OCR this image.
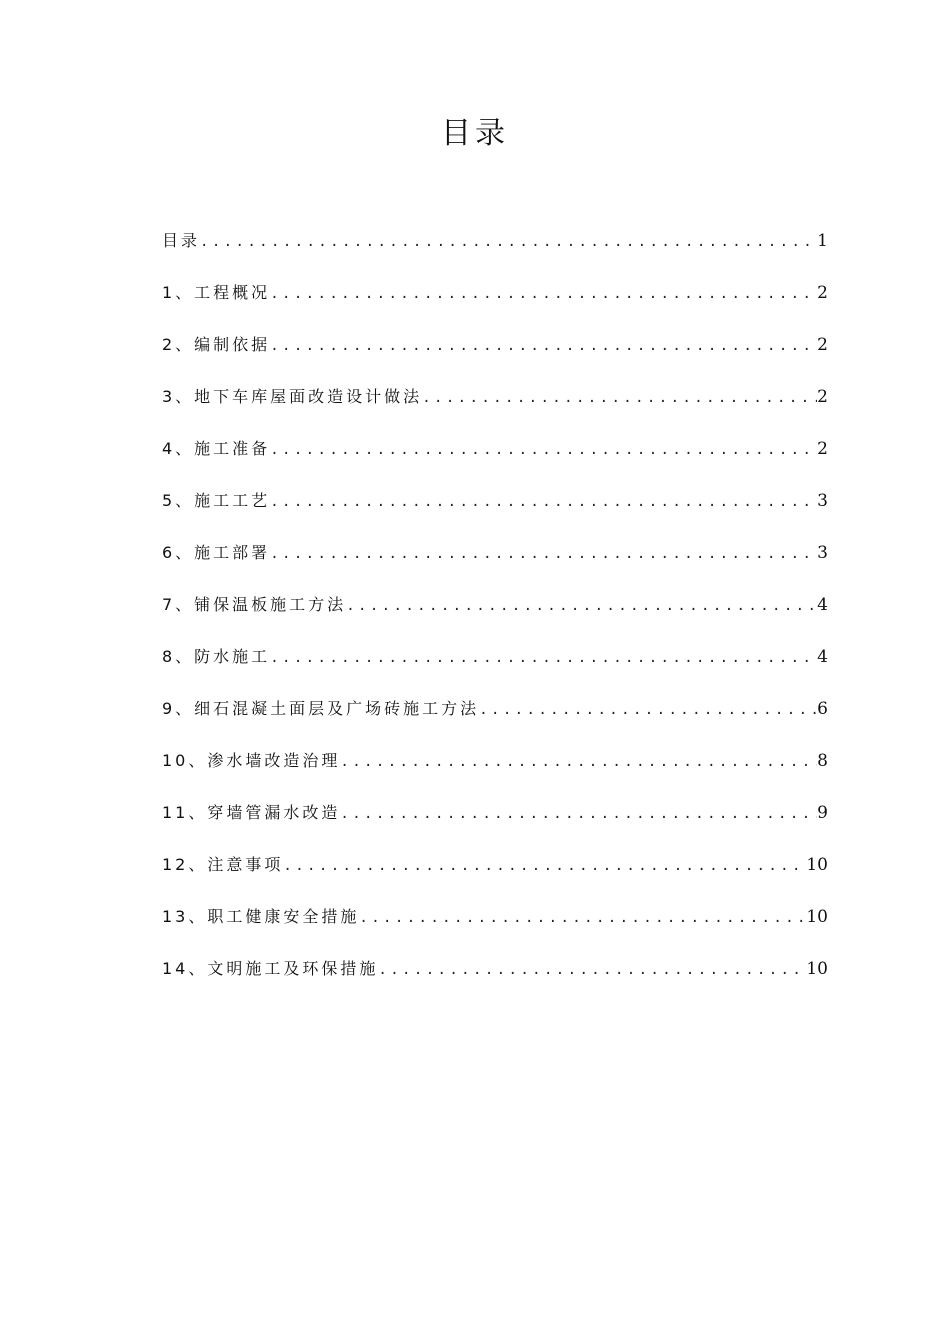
目录
目录 .....	1
1、工程概况 .....	2
2、编制依据 .....	2
3、地下车库屋面改造设计做法 .....	2
4、施工准备 .....	2
5、施工工艺 .....	3
6、施工部署 .....	3
7、铺保温板施工方法 .....	4
8、防水施工 .....	4
9、细石混凝土面层及广场砖施工方法 .....	6
10、渗水墙改造治理 .....	8
11、穿墙管漏水改造 .....	9
12、注意事项 .....	10
13、职工健康安全措施 .....	10
14、文明施工及环保措施 .....	10
